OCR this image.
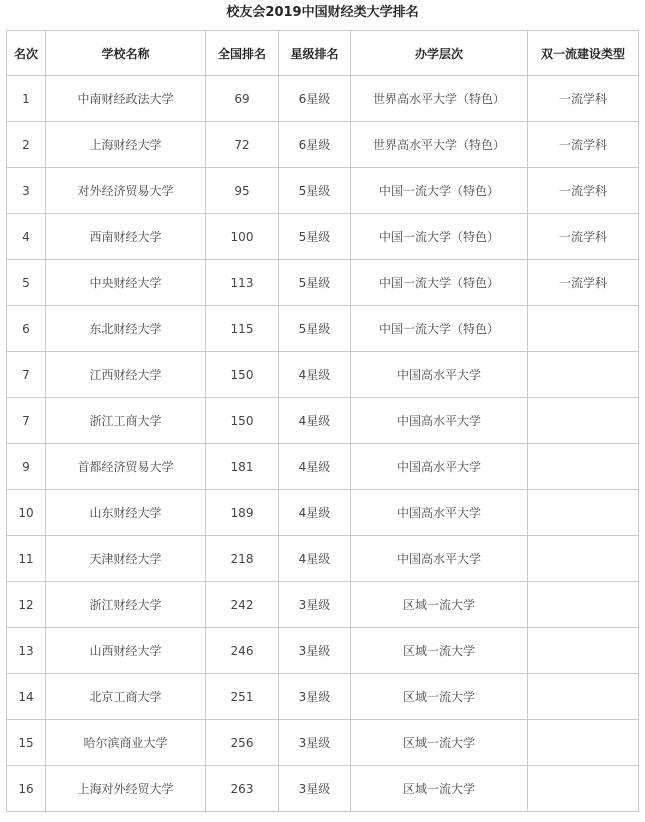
校友会2019中国财经类大学排名
名次	学校名称	全国排名	星级排名	办学层次	双一流建设类型
1	中南财经政法大学	69	6星级	世界高水平大学（特色）	一流学科
2	上海财经大学	72	6星级	世界高水平大学（特色）	一流学科
3	对外经济贸易大学	95	5星级	中国一流大学（特色）	一流学科
4	西南财经大学	100	5星级	中国一流大学（特色）	一流学科
5	中央财经大学	113	5星级	中国一流大学（特色）	一流学科
6	东北财经大学	115	5星级	中国一流大学（特色）	
7	江西财经大学	150	4星级	中国高水平大学	
7	浙江工商大学	150	4星级	中国高水平大学	
9	首都经济贸易大学	181	4星级	中国高水平大学	
10	山东财经大学	189	4星级	中国高水平大学	
11	天津财经大学	218	4星级	中国高水平大学	
12	浙江财经大学	242	3星级	区域一流大学	
13	山西财经大学	246	3星级	区域一流大学	
14	北京工商大学	251	3星级	区域一流大学	
15	哈尔滨商业大学	256	3星级	区域一流大学	
16	上海对外经贸大学	263	3星级	区域一流大学	
